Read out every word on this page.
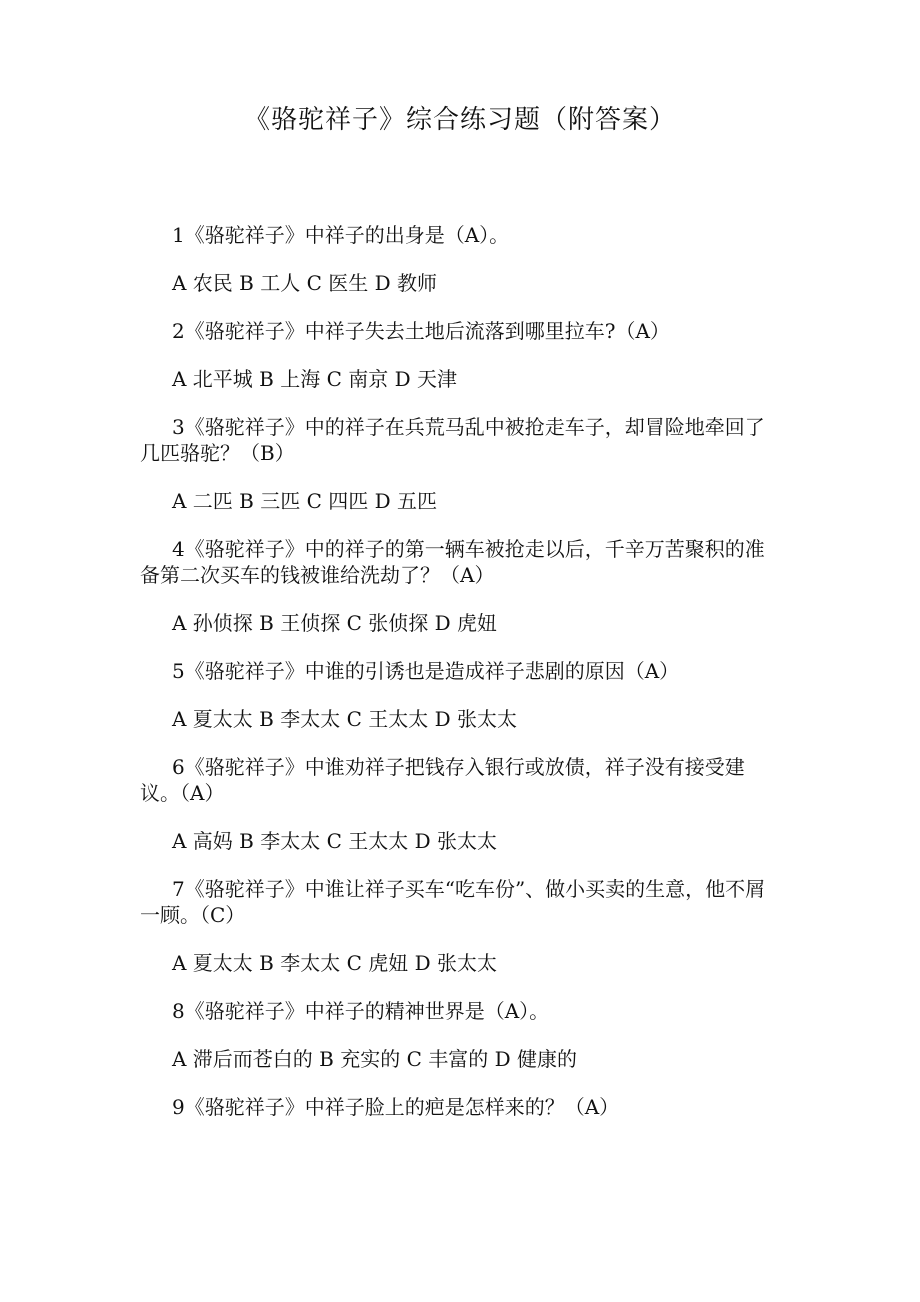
《骆驼祥子》综合练习题（附答案）

1《骆驼祥子》中祥子的出身是（A）。

A 农民 B 工人 C 医生 D 教师

2《骆驼祥子》中祥子失去土地后流落到哪里拉车?（A）

A 北平城 B 上海 C 南京 D 天津

3《骆驼祥子》中的祥子在兵荒马乱中被抢走车子，却冒险地牵回了几匹骆驼？（B）

A 二匹 B 三匹 C 四匹 D 五匹

4《骆驼祥子》中的祥子的第一辆车被抢走以后，千辛万苦聚积的准备第二次买车的钱被谁给洗劫了？（A）

A 孙侦探 B 王侦探 C 张侦探 D 虎妞

5《骆驼祥子》中谁的引诱也是造成祥子悲剧的原因（A）

A 夏太太 B 李太太 C 王太太 D 张太太

6《骆驼祥子》中谁劝祥子把钱存入银行或放债，祥子没有接受建议。（A）

A 高妈 B 李太太 C 王太太 D 张太太

7《骆驼祥子》中谁让祥子买车“吃车份”、做小买卖的生意，他不屑一顾。（C）

A 夏太太 B 李太太 C 虎妞 D 张太太

8《骆驼祥子》中祥子的精神世界是（A）。

A 滞后而苍白的 B 充实的 C 丰富的 D 健康的

9《骆驼祥子》中祥子脸上的疤是怎样来的？（A）
